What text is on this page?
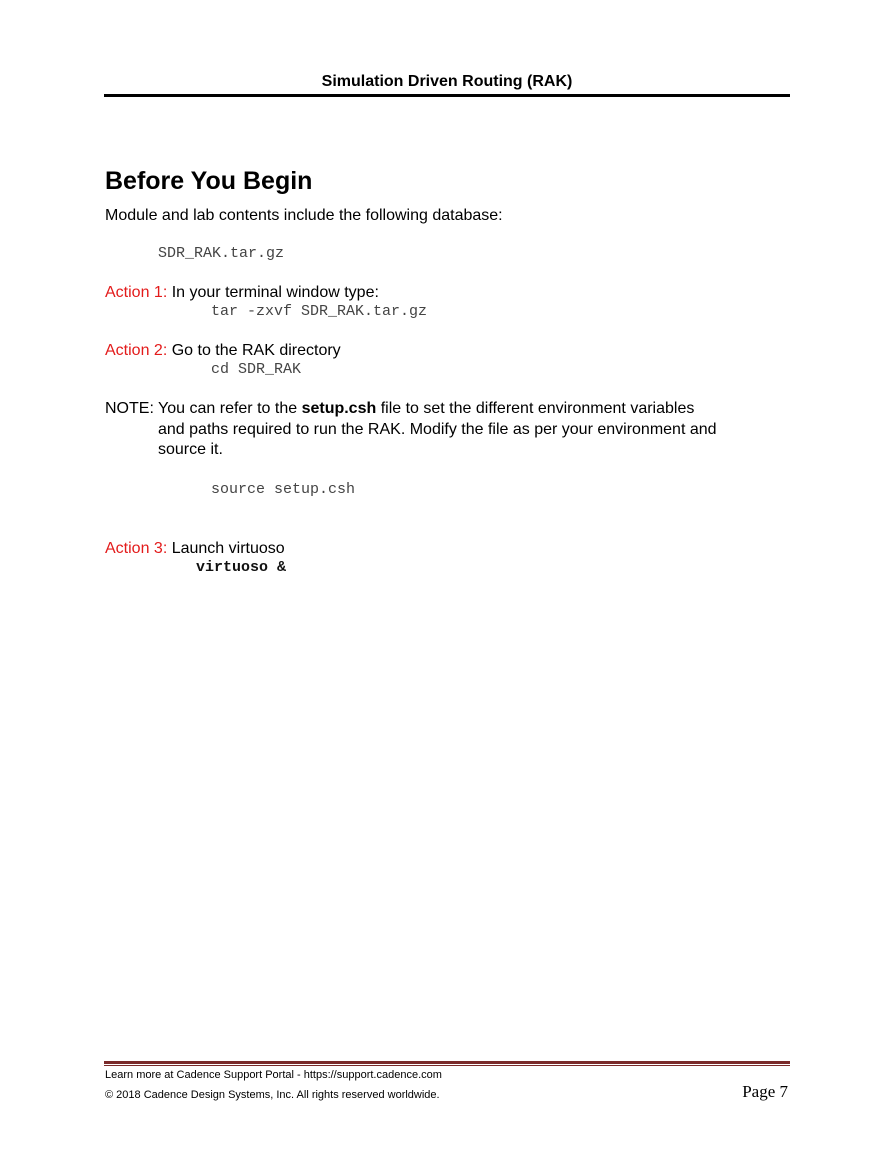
Simulation Driven Routing (RAK)
Before You Begin
Module and lab contents include the following database:
SDR_RAK.tar.gz
Action 1: In your terminal window type:
tar -zxvf SDR_RAK.tar.gz
Action 2: Go to the RAK directory
cd SDR_RAK
NOTE: You can refer to the setup.csh file to set the different environment variables
and paths required to run the RAK. Modify the file as per your environment and
source it.
source setup.csh
Action 3: Launch virtuoso
virtuoso &
Learn more at Cadence Support Portal - https://support.cadence.com
© 2018 Cadence Design Systems, Inc. All rights reserved worldwide.	Page 7
